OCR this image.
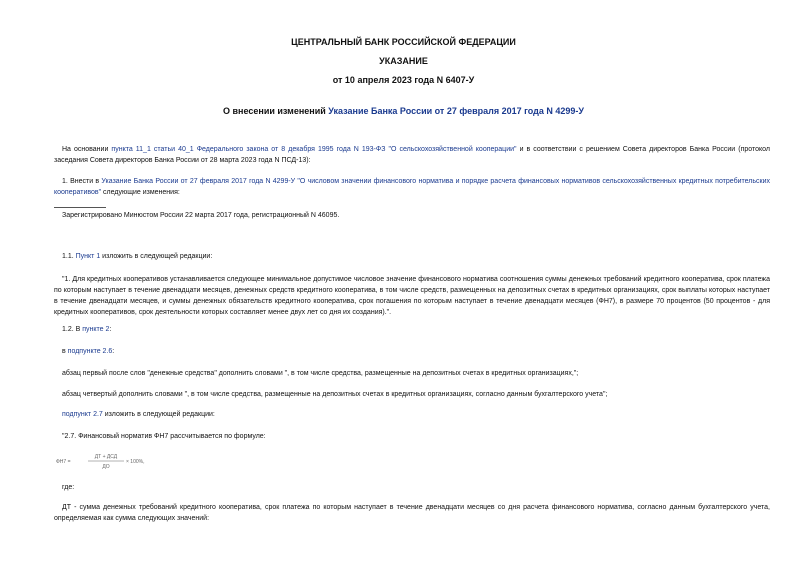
ЦЕНТРАЛЬНЫЙ БАНК РОССИЙСКОЙ ФЕДЕРАЦИИ
УКАЗАНИЕ
от 10 апреля 2023 года N 6407-У
О внесении изменений Указание Банка России от 27 февраля 2017 года N 4299-У
На основании пункта 11_1 статьи 40_1 Федерального закона от 8 декабря 1995 года N 193-ФЗ "О сельскохозяйственной кооперации" и в соответствии с решением Совета директоров Банка России (протокол заседания Совета директоров Банка России от 28 марта 2023 года N ПСД-13):
1. Внести в Указание Банка России от 27 февраля 2017 года N 4299-У "О числовом значении финансового норматива и порядке расчета финансовых нормативов сельскохозяйственных кредитных потребительских кооперативов" следующие изменения:
Зарегистрировано Минюстом России 22 марта 2017 года, регистрационный N 46095.
1.1. Пункт 1 изложить в следующей редакции:
"1. Для кредитных кооперативов устанавливается следующее минимальное допустимое числовое значение финансового норматива соотношения суммы денежных требований кредитного кооператива, срок платежа по которым наступает в течение двенадцати месяцев, денежных средств кредитного кооператива, в том числе средств, размещенных на депозитных счетах в кредитных организациях, срок выплаты которых наступает в течение двенадцати месяцев, и суммы денежных обязательств кредитного кооператива, срок погашения по которым наступает в течение двенадцати месяцев (ФН7), в размере 70 процентов (50 процентов - для кредитных кооперативов, срок деятельности которых составляет менее двух лет со дня их создания).".
1.2. В пункте 2:
в подпункте 2.6:
абзац первый после слов "денежные средства" дополнить словами ", в том числе средства, размещенные на депозитных счетах в кредитных организациях,";
абзац четвертый дополнить словами ", в том числе средства, размещенные на депозитных счетах в кредитных организациях, согласно данным бухгалтерского учета";
подпункт 2.7 изложить в следующей редакции:
"2.7. Финансовый норматив ФН7 рассчитывается по формуле:
ФН7 =
ДТ + ДСД
ДО
× 100%,
где:
ДТ - сумма денежных требований кредитного кооператива, срок платежа по которым наступает в течение двенадцати месяцев со дня расчета финансового норматива, согласно данным бухгалтерского учета, определяемая как сумма следующих значений:
